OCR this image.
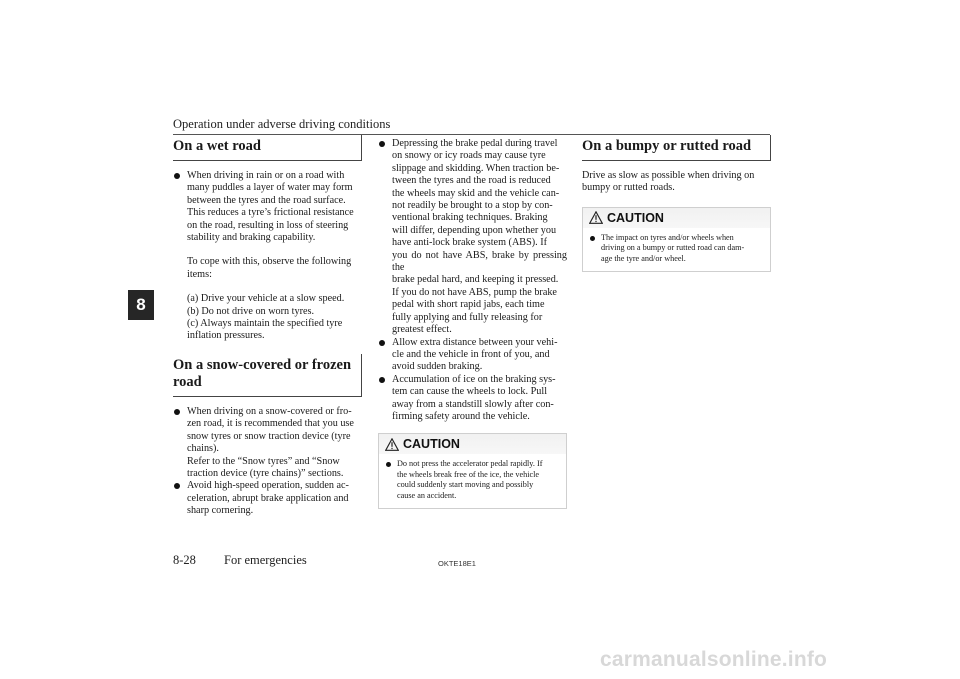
Operation under adverse driving conditions
8
On a wet road

When driving in rain or on a road with
many puddles a layer of water may form
between the tyres and the road surface.
This reduces a tyre’s frictional resistance
on the road, resulting in loss of steering
stability and braking capability.
To cope with this, observe the following
items:
(a) Drive your vehicle at a slow speed.
(b) Do not drive on worn tyres.
(c) Always maintain the specified tyre
inflation pressures.

On a snow-covered or frozen
road

When driving on a snow-covered or fro-
zen road, it is recommended that you use
snow tyres or snow traction device (tyre
chains).
Refer to the “Snow tyres” and “Snow
traction device (tyre chains)” sections.

Avoid high-speed operation, sudden ac-
celeration, abrupt brake application and
sharp cornering.

Depressing the brake pedal during travel
on snowy or icy roads may cause tyre
slippage and skidding. When traction be-
tween the tyres and the road is reduced
the wheels may skid and the vehicle can-
not readily be brought to a stop by con-
ventional braking techniques. Braking
will differ, depending upon whether you
have anti-lock brake system (ABS). If
you do not have ABS, brake by pressing the
brake pedal hard, and keeping it pressed.
If you do not have ABS, pump the brake
pedal with short rapid jabs, each time
fully applying and fully releasing for
greatest effect.

Allow extra distance between your vehi-
cle and the vehicle in front of you, and
avoid sudden braking.

Accumulation of ice on the braking sys-
tem can cause the wheels to lock. Pull
away from a standstill slowly after con-
firming safety around the vehicle.

CAUTION

Do not press the accelerator pedal rapidly. If
the wheels break free of the ice, the vehicle
could suddenly start moving and possibly
cause an accident.

On a bumpy or rutted road

Drive as slow as possible when driving on
bumpy or rutted roads.

CAUTION

The impact on tyres and/or wheels when
driving on a bumpy or rutted road can dam-
age the tyre and/or wheel.

8-28 For emergencies	OKTE18E1
carmanualsonline.info
